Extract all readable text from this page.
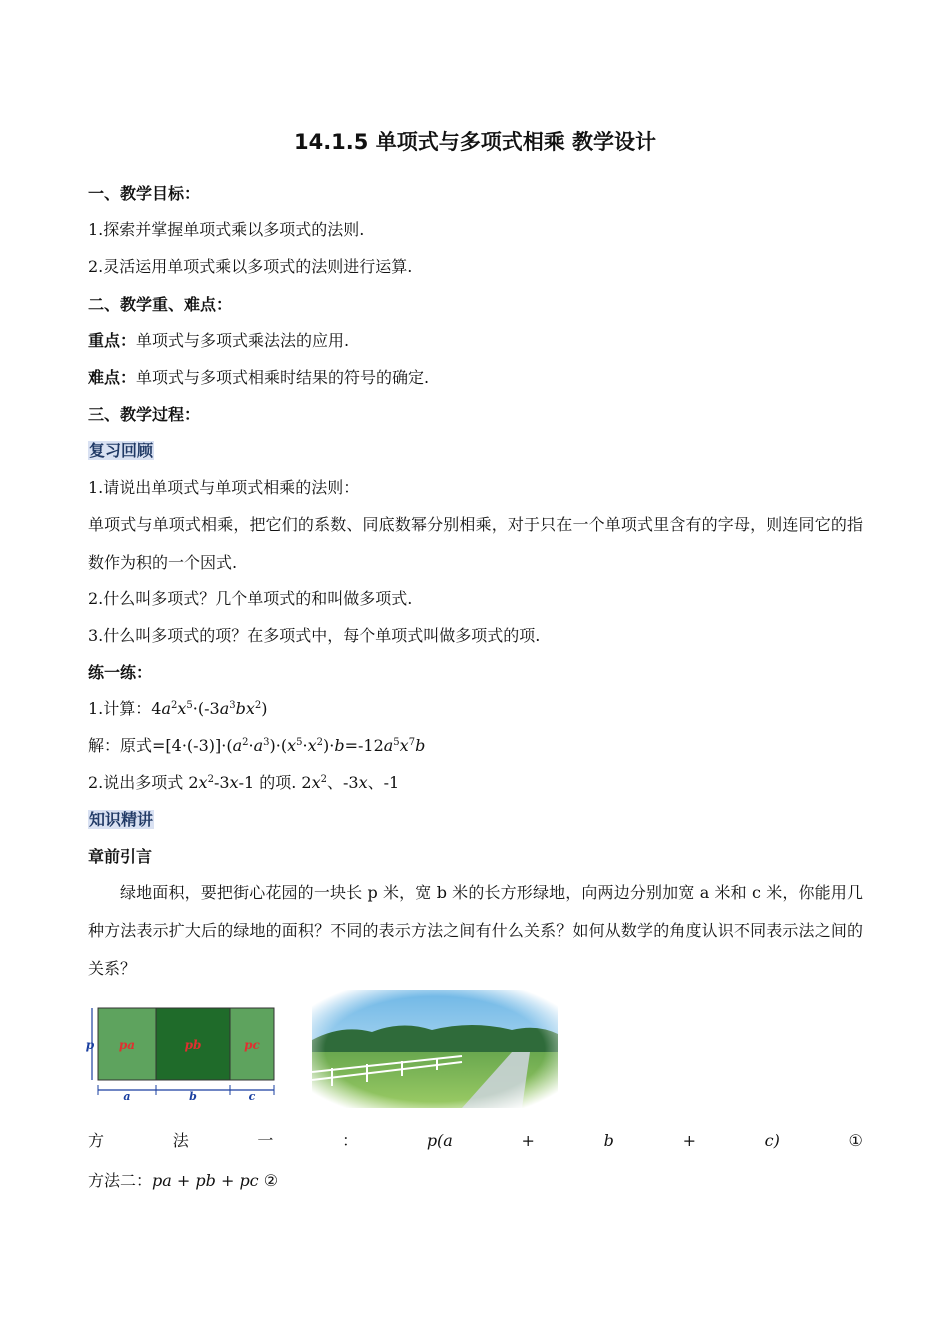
14.1.5 单项式与多项式相乘 教学设计
一、教学目标：
1.探索并掌握单项式乘以多项式的法则.
2.灵活运用单项式乘以多项式的法则进行运算.
二、教学重、难点：
重点：单项式与多项式乘法法的应用.
难点：单项式与多项式相乘时结果的符号的确定.
三、教学过程：
复习回顾
1.请说出单项式与单项式相乘的法则：
单项式与单项式相乘，把它们的系数、同底数幂分别相乘，对于只在一个单项式里含有的字母，则连同它的指数作为积的一个因式.
2.什么叫多项式？几个单项式的和叫做多项式.
3.什么叫多项式的项？在多项式中，每个单项式叫做多项式的项.
练一练：
1.计算：$4a^2x^5\cdot(-3a^3bx^2)$
解：原式$=[4\cdot(-3)]\cdot(a^2\cdot a^3)\cdot(x^5\cdot x^2)\cdot b=-12a^5x^7b$
2.说出多项式 $2x^2-3x-1$ 的项. $2x^2$、-3x、-1
知识精讲
章前引言
绿地面积，要把街心花园的一块长 p 米，宽 b 米的长方形绿地，向两边分别加宽 a 米和 c 米，你能用几种方法表示扩大后的绿地的面积？不同的表示方法之间有什么关系？如何从数学的角度认识不同表示法之间的关系？
pa	pb	pc
p
a	b	c
方	法	一	：	p(a	+	b	+	c)	①
方法二：pa + pb + pc ②
